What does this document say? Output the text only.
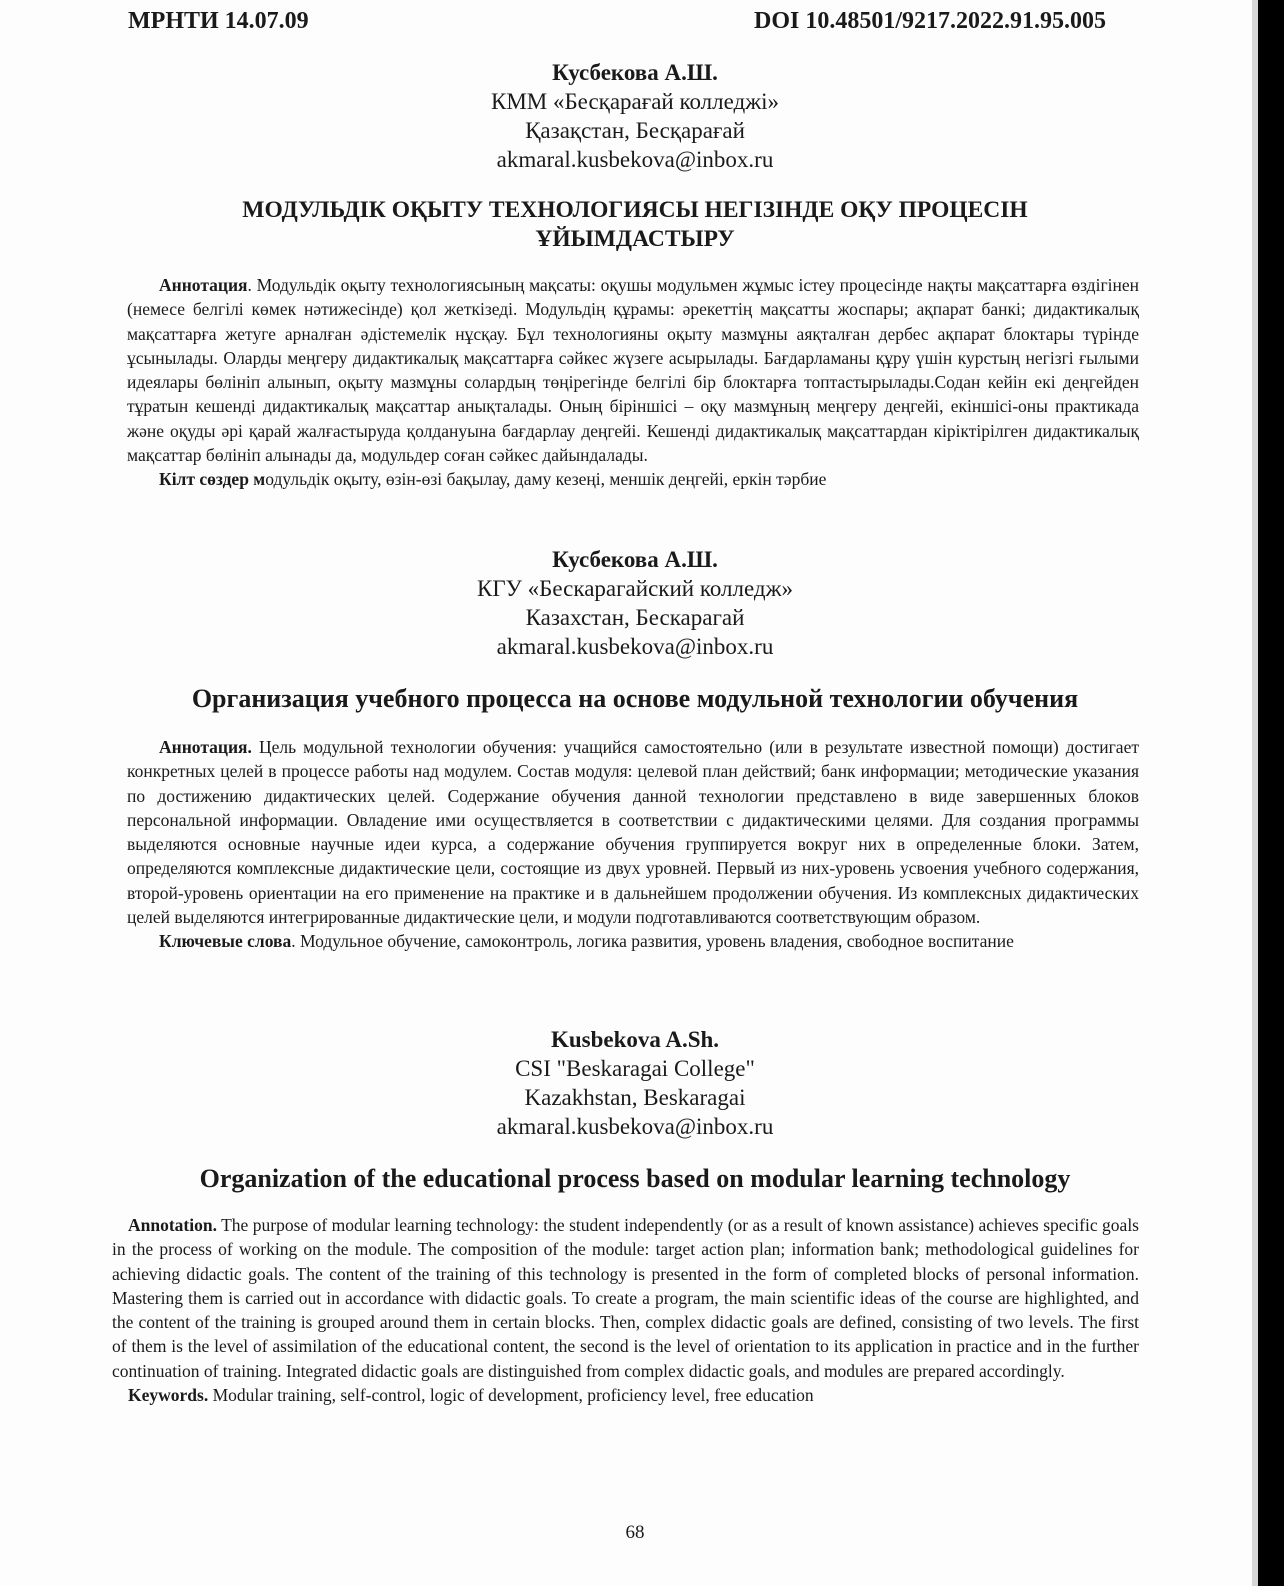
МРНТИ 14.07.09	DOI 10.48501/9217.2022.91.95.005
Кусбекова А.Ш.
КММ «Бесқарағай колледжі»
Қазақстан, Бесқарағай
akmaral.kusbekova@inbox.ru
МОДУЛЬДІК ОҚЫТУ ТЕХНОЛОГИЯСЫ НЕГІЗІНДЕ ОҚУ ПРОЦЕСІН
ҰЙЫМДАСТЫРУ

Аннотация. Модульдік оқыту технологиясының мақсаты: оқушы модульмен жұмыс істеу процесінде нақты мақсаттарға өздігінен (немесе белгілі көмек нәтижесінде) қол жеткізеді. Модульдің құрамы: әрекеттің мақсатты жоспары; ақпарат банкі; дидактикалық мақсаттарға жетуге арналған әдістемелік нұсқау. Бұл технологияны оқыту мазмұны аяқталған дербес ақпарат блоктары түрінде ұсынылады. Оларды меңгеру дидактикалық мақсаттарға сәйкес жүзеге асырылады. Бағдарламаны құру үшін курстың негізгі ғылыми идеялары бөлініп алынып, оқыту мазмұны солардың төңірегінде белгілі бір блоктарға топтастырылады.Содан кейін екі деңгейден тұратын кешенді дидактикалық мақсаттар анықталады. Оның біріншісі – оқу мазмұның меңгеру деңгейі, екіншісі-оны практикада және оқуды әрі қарай жалғастыруда қолдануына бағдарлау деңгейі. Кешенді дидактикалық мақсаттардан кіріктірілген дидактикалық мақсаттар бөлініп алынады да, модульдер соған сәйкес дайындалады.

Кілт сөздер модульдік оқыту, өзін-өзі бақылау, даму кезеңі, меншік деңгейі, еркін тәрбие

Кусбекова А.Ш.
КГУ «Бескарагайский колледж»
Казахстан, Бескарагай
akmaral.kusbekova@inbox.ru
Организация учебного процесса на основе модульной технологии обучения

Аннотация. Цель модульной технологии обучения: учащийся самостоятельно (или в результате известной помощи) достигает конкретных целей в процессе работы над модулем. Состав модуля: целевой план действий; банк информации; методические указания по достижению дидактических целей. Содержание обучения данной технологии представлено в виде завершенных блоков персональной информации. Овладение ими осуществляется в соответствии с дидактическими целями. Для создания программы выделяются основные научные идеи курса, а содержание обучения группируется вокруг них в определенные блоки. Затем, определяются комплексные дидактические цели, состоящие из двух уровней. Первый из них-уровень усвоения учебного содержания, второй-уровень ориентации на его применение на практике и в дальнейшем продолжении обучения. Из комплексных дидактических целей выделяются интегрированные дидактические цели, и модули подготавливаются соответствующим образом.

Ключевые слова. Модульное обучение, самоконтроль, логика развития, уровень владения, свободное воспитание

Kusbekova A.Sh.
CSI "Beskaragai College"
Kazakhstan, Beskaragai
akmaral.kusbekova@inbox.ru
Organization of the educational process based on modular learning technology

Annotation. The purpose of modular learning technology: the student independently (or as a result of known assistance) achieves specific goals in the process of working on the module. The composition of the module: target action plan; information bank; methodological guidelines for achieving didactic goals. The content of the training of this technology is presented in the form of completed blocks of personal information. Mastering them is carried out in accordance with didactic goals. To create a program, the main scientific ideas of the course are highlighted, and the content of the training is grouped around them in certain blocks. Then, complex didactic goals are defined, consisting of two levels. The first of them is the level of assimilation of the educational content, the second is the level of orientation to its application in practice and in the further continuation of training. Integrated didactic goals are distinguished from complex didactic goals, and modules are prepared accordingly.

Keywords. Modular training, self-control, logic of development, proficiency level, free education

68
